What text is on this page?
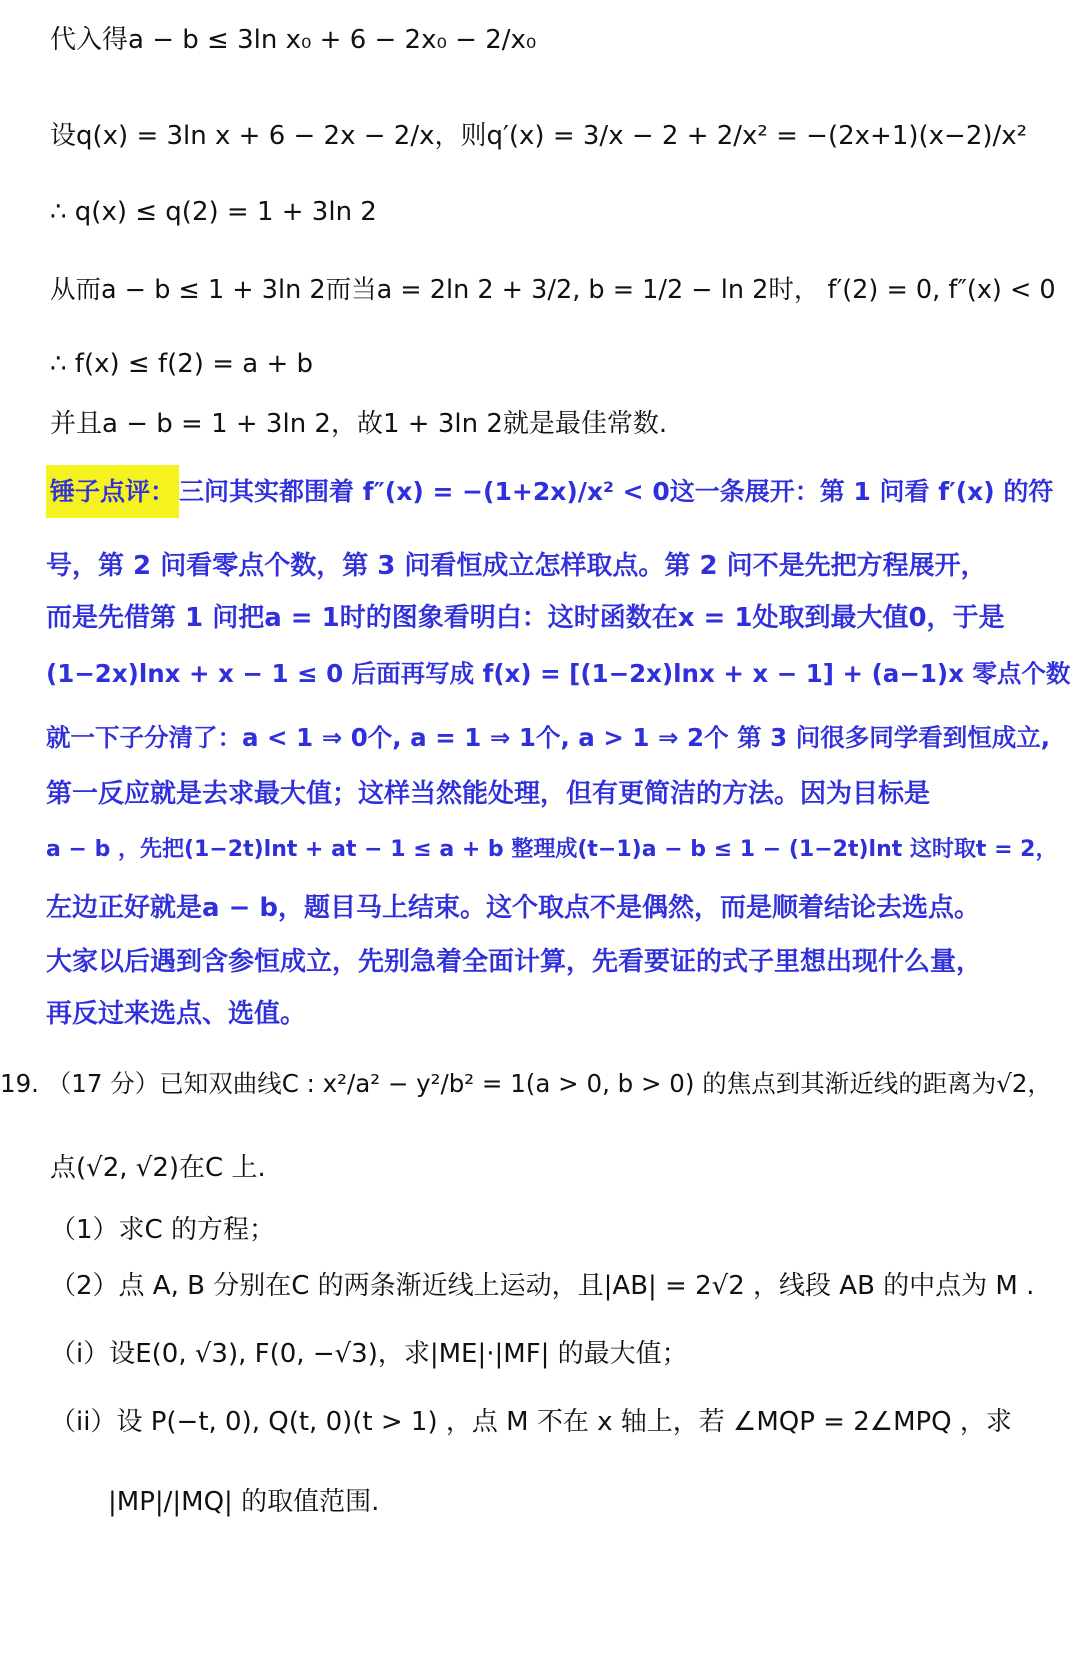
代入得a − b ≤ 3ln x₀ + 6 − 2x₀ − 2/x₀
设q(x) = 3ln x + 6 − 2x − 2/x，则q′(x) = 3/x − 2 + 2/x² = −(2x+1)(x−2)/x²
∴ q(x) ≤ q(2) = 1 + 3ln 2
从而a − b ≤ 1 + 3ln 2而当a = 2ln 2 + 3/2, b = 1/2 − ln 2时， f′(2) = 0, f″(x) < 0
∴ f(x) ≤ f(2) = a + b
并且a − b = 1 + 3ln 2，故1 + 3ln 2就是最佳常数.
锤子点评： 三问其实都围着 f″(x) = −(1+2x)/x² < 0这一条展开：第 1 问看 f′(x) 的符
号，第 2 问看零点个数，第 3 问看恒成立怎样取点。第 2 问不是先把方程展开，
而是先借第 1 问把a = 1时的图象看明白：这时函数在x = 1处取到最大值0，于是
(1−2x)lnx + x − 1 ≤ 0 后面再写成 f(x) = [(1−2x)lnx + x − 1] + (a−1)x 零点个数
就一下子分清了：a < 1 ⇒ 0个, a = 1 ⇒ 1个, a > 1 ⇒ 2个 第 3 问很多同学看到恒成立,
第一反应就是去求最大值；这样当然能处理，但有更简洁的方法。因为目标是
a − b ，先把(1−2t)lnt + at − 1 ≤ a + b 整理成(t−1)a − b ≤ 1 − (1−2t)lnt 这时取t = 2，
左边正好就是a − b，题目马上结束。这个取点不是偶然，而是顺着结论去选点。
大家以后遇到含参恒成立，先别急着全面计算，先看要证的式子里想出现什么量，
再反过来选点、选值。
19. （17 分）已知双曲线C : x²/a² − y²/b² = 1(a > 0, b > 0) 的焦点到其渐近线的距离为√2，
点(√2, √2)在C 上.
（1）求C 的方程；
（2）点 A, B 分别在C 的两条渐近线上运动，且|AB| = 2√2 ，线段 AB 的中点为 M .
（i）设E(0, √3), F(0, −√3)，求|ME|·|MF| 的最大值；
（ii）设 P(−t, 0), Q(t, 0)(t > 1) ，点 M 不在 x 轴上，若 ∠MQP = 2∠MPQ ，求
|MP|/|MQ| 的取值范围.
